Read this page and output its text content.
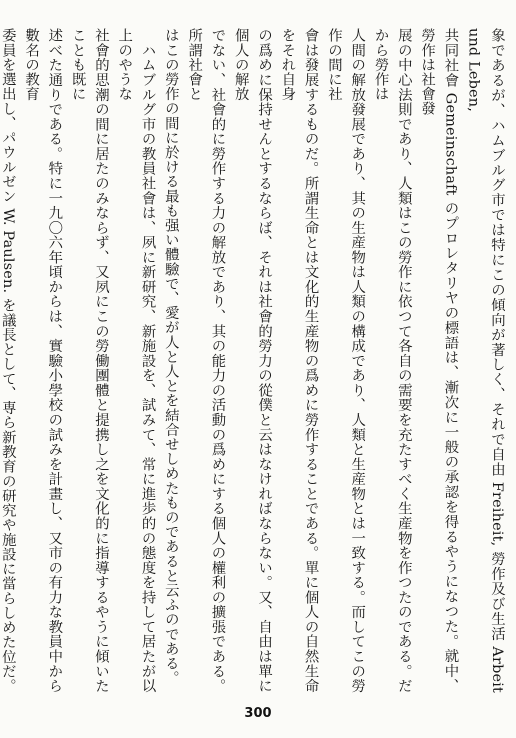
象であるが、ハムブルグ市では特にこの傾向が著しく、それで自由 Freiheit, 勞作及び生活 Arbeit und Leben,

共同社會 Gemeinschaft のプロレタリヤの標語は、漸次に一般の承認を得るやうになつた。就中、勞作は社會發

展の中心法則であり、人類はこの勞作に依つて各自の需要を充たすべく生産物を作つたのである。だから勞作は

人間の解放發展であり、其の生産物は人類の構成であり、人類と生産物とは一致する。而してこの勞作の間に社

會は發展するものだ。所謂生命とは文化的生産物の爲めに勞作することである。單に個人の自然生命をそれ自身

の爲めに保持せんとするならば、それは社會的勞力の從僕と云はなければならない。又、自由は單に個人の解放

でない、社會的に勞作する力の解放であり、其の能力の活動の爲めにする個人の權利の擴張である。所謂社會と

はこの勞作の間に於ける最も强い體驗で、愛が人と人とを結合せしめたものであると云ふのである。

　ハムブルグ市の教員社會は、夙に新研究、新施設を、試みて、常に進歩的の態度を持して居たが以上のやうな

社會的思潮の間に居たのみならず、又夙にこの勞働團體と提携し之を文化的に指導するやうに傾いたことも既に

述べた通りである。特に一九〇六年頃からは、實驗小學校の試みを計畫し、又市の有力な教員中から數名の教育

委員を選出し、パウルゼン W. Paulsen. を議長として、専ら新教育の研究や施設に當らしめた位だ。

300
